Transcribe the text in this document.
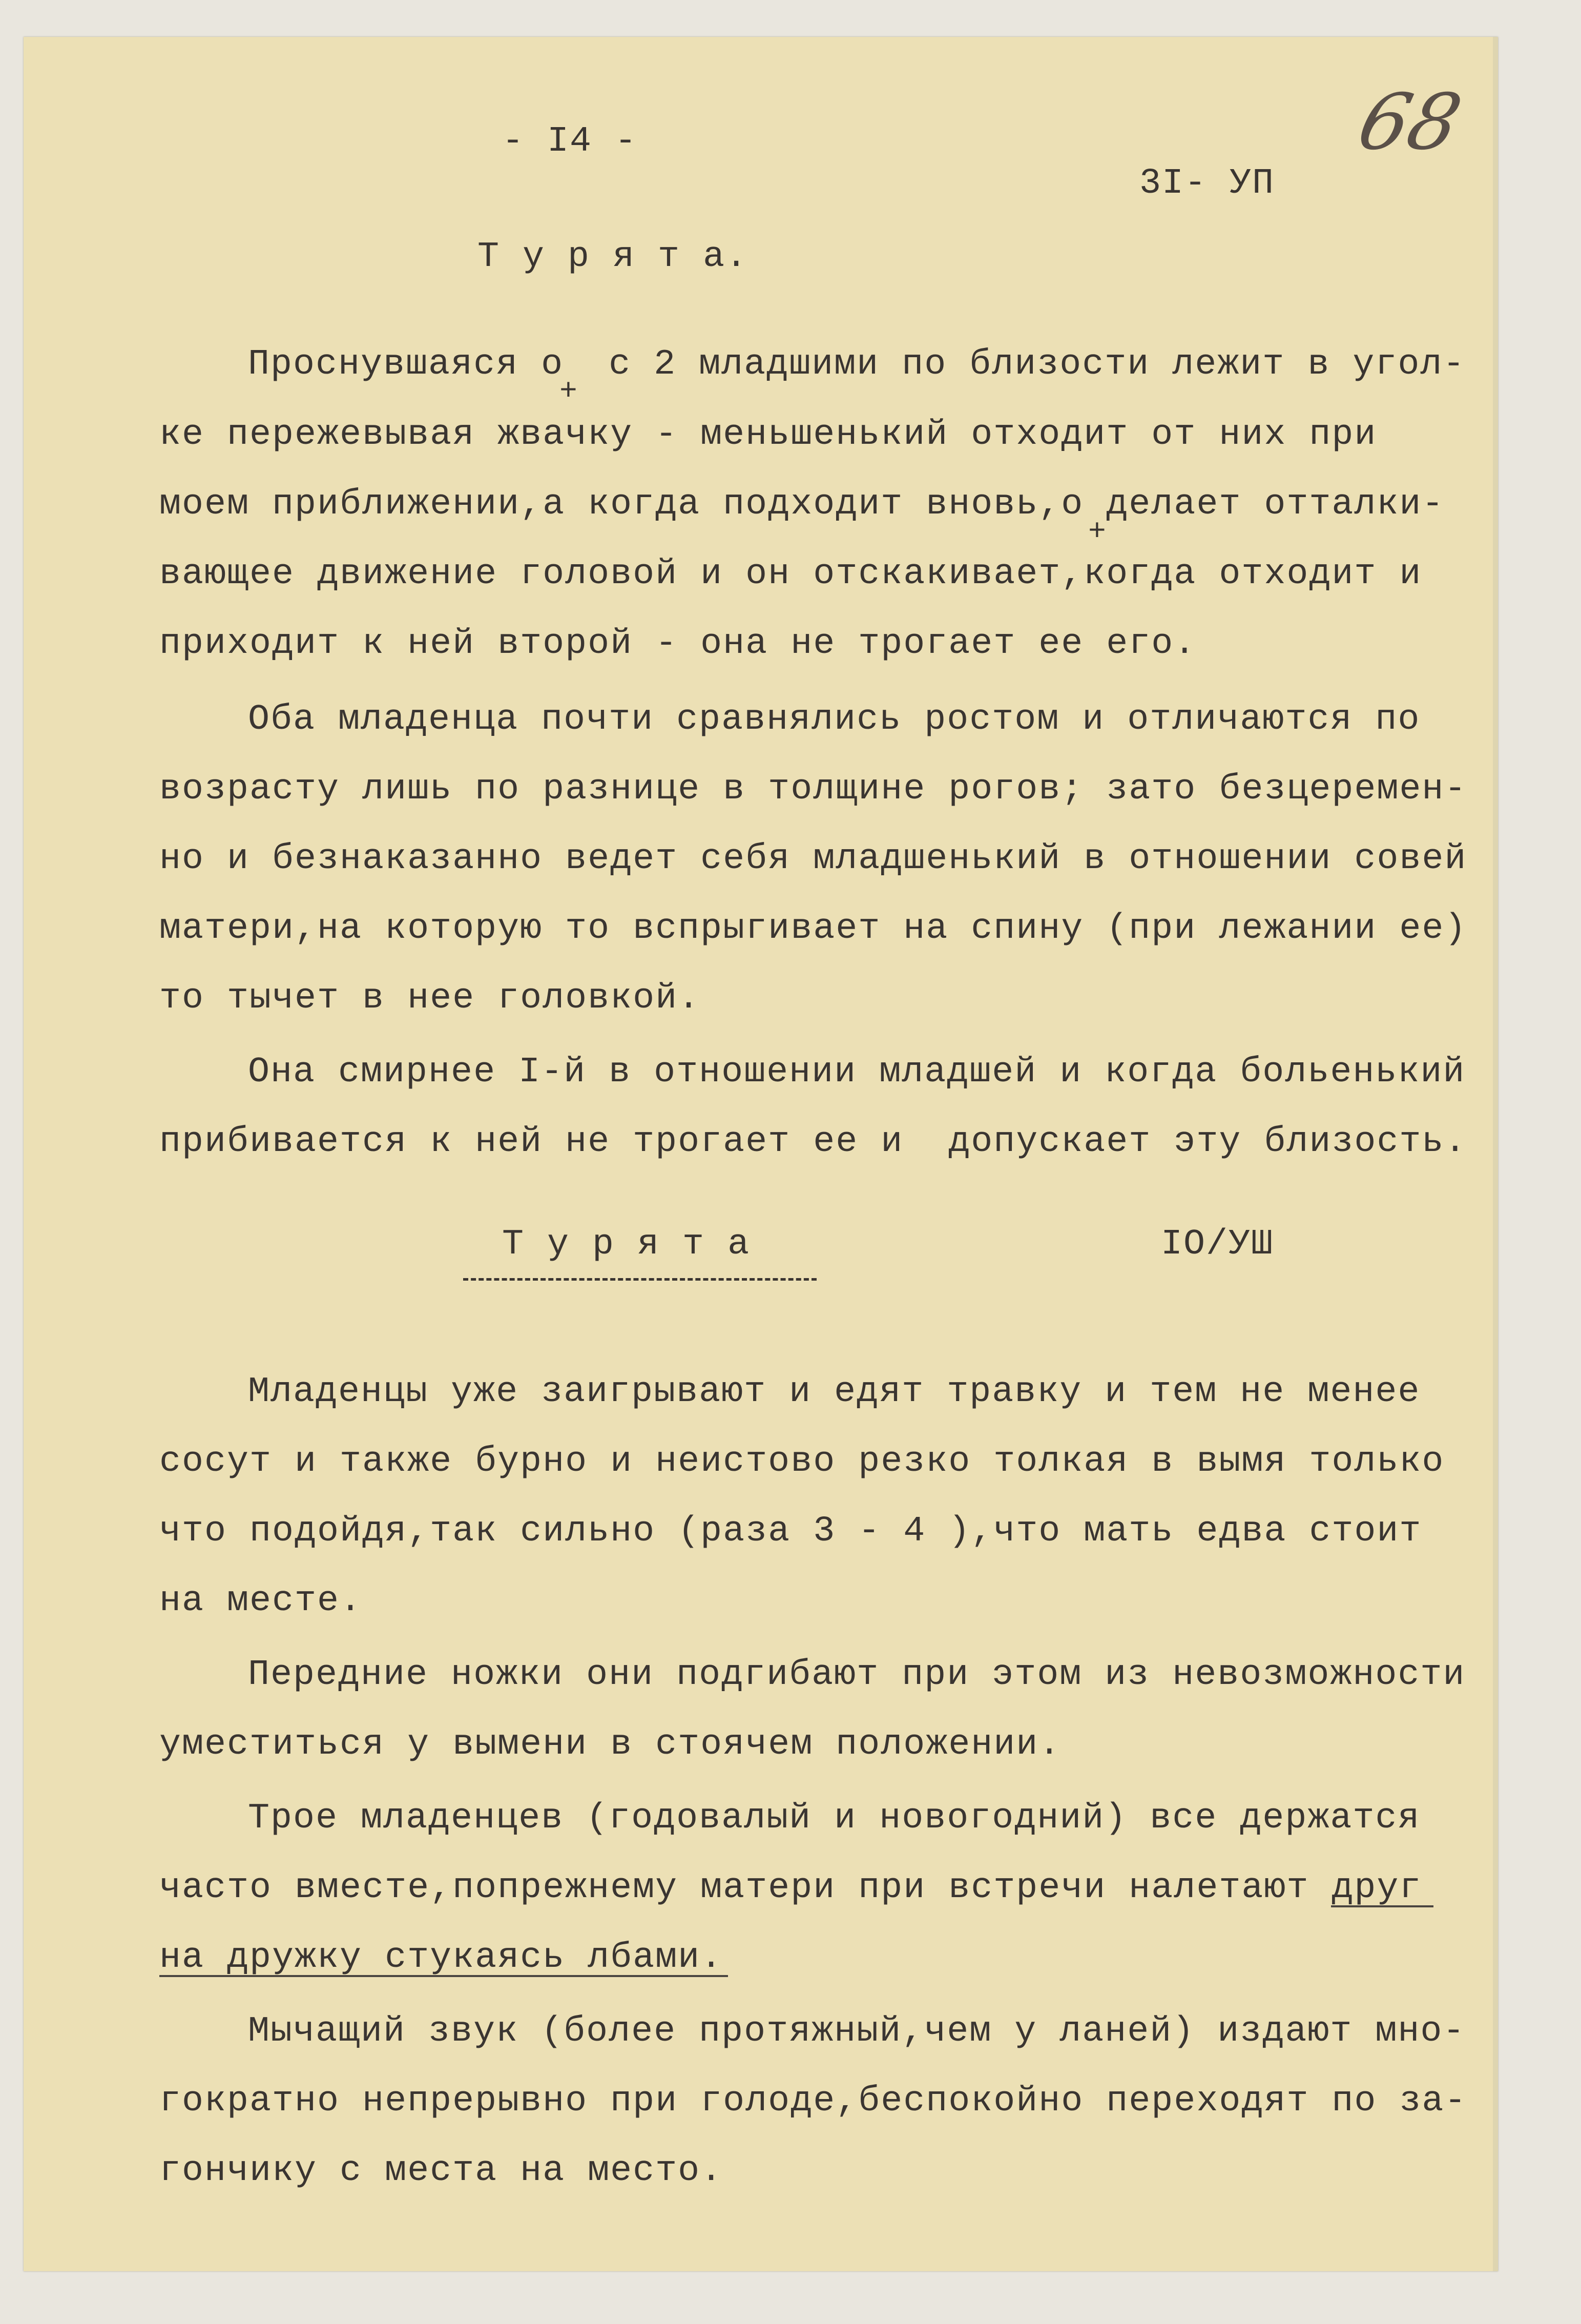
- I4 -
3I- УП
68
Т у р я т а.
Проснувшаяся о  с 2 младшими по близости лежит в угол-
+
ке пережевывая жвачку - меньшенький отходит от них при
моем приближении,а когда подходит вновь,о делает отталки-
+
вающее движение головой и он отскакивает,когда отходит и
приходит к ней второй - она не трогает ее его.
Оба младенца почти сравнялись ростом и отличаются по
возрасту лишь по разнице в толщине рогов; зато безцеремен-
но и безнаказанно ведет себя младшенький в отношении совей
матери,на которую то вспрыгивает на спину (при лежании ее)
то тычет в нее головкой.
Она смирнее I-й в отношении младшей и когда больенький
прибивается к ней не трогает ее и  допускает эту близость.
Т у р я т а	IO/УШ
Младенцы уже заигрывают и едят травку и тем не менее
сосут и также бурно и неистово резко толкая в вымя только
что подойдя,так сильно (раза 3 - 4 ),что мать едва стоит
на месте.
Передние ножки они подгибают при этом из невозможности
уместиться у вымени в стоячем положении.
Трое младенцев (годовалый и новогодний) все держатся
часто вместе,попрежнему матери при встречи налетают друг
на дружку стукаясь лбами.
Мычащий звук (более протяжный,чем у ланей) издают мно-
гократно непрерывно при голоде,беспокойно переходят по за-
гончику с места на место.
